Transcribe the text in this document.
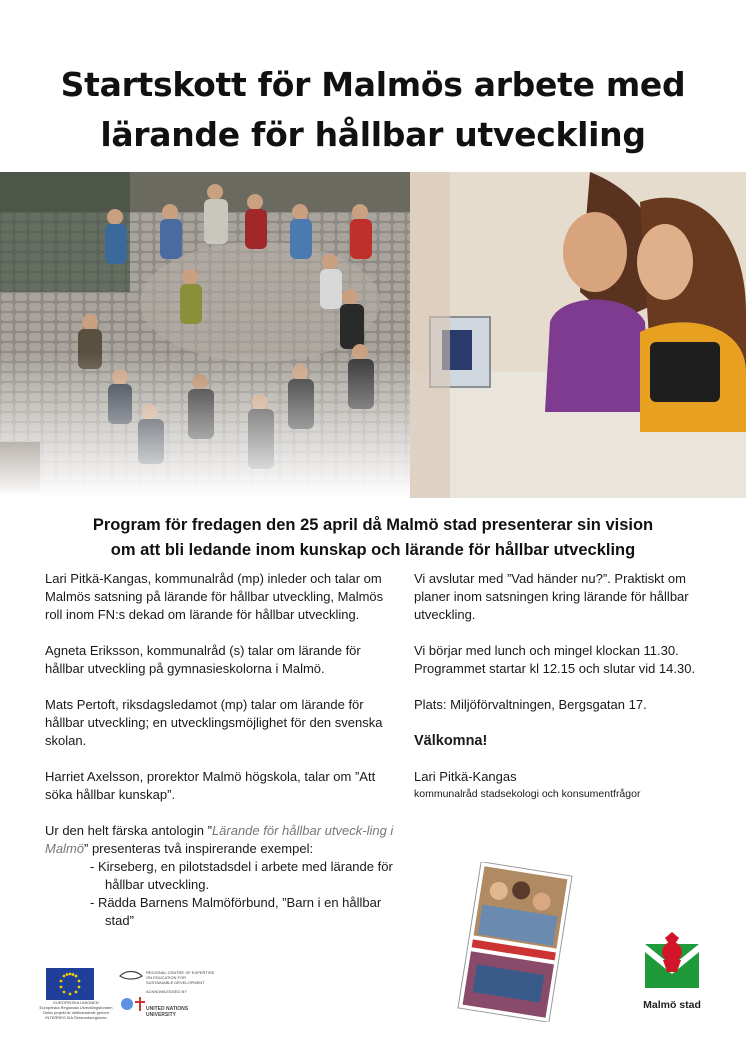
Startskott för Malmös arbete med
lärande för hållbar utveckling
Program för fredagen den 25 april då Malmö stad presenterar sin vision
om att bli ledande inom kunskap och lärande för hållbar utveckling

Lari Pitkä-Kangas, kommunalråd (mp) inleder och talar om Malmös satsning på lärande för hållbar utveckling, Malmös roll inom FN:s dekad om lärande för hållbar utveckling.

Agneta Eriksson, kommunalråd (s) talar om lärande för hållbar utveckling på gymnasieskolorna i Malmö.

Mats Pertoft, riksdagsledamot (mp) talar om lärande för hållbar utveckling; en utvecklingsmöjlighet för den svenska skolan.

Harriet Axelsson, prorektor Malmö högskola, talar om ”Att söka hållbar kunskap”.

Ur den helt färska antologin ”Lärande för hållbar utveck-ling i Malmö” presenteras två inspirerande exempel:

- Kirseberg, en pilotstadsdel i arbete med lärande för hållbar utveckling.

- Rädda Barnens Malmöförbund, ”Barn i en hållbar stad”

Vi avslutar med ”Vad händer nu?”. Praktiskt om planer inom satsningen kring lärande för hållbar utveckling.

Vi börjar med lunch och mingel klockan 11.30. Programmet startar kl 12.15 och slutar vid 14.30.

Plats: Miljöförvaltningen, Bergsgatan 17.

Välkomna!

Lari Pitkä-Kangas

kommunalråd stadsekologi och konsumentfrågor

EUROPEISKA UNIONEN
Europeiska Regionala Utvecklingsfonden
Detta projekt är delfinansierat genom
INTERREG IIIA Öresundsregionen
REGIONAL CENTRE OF EXPERTISE
ON EDUCATION FOR
SUSTAINABLE DEVELOPMENT
ACKNOWLEDGED BY
UNITED NATIONS
UNIVERSITY
Malmö stad
